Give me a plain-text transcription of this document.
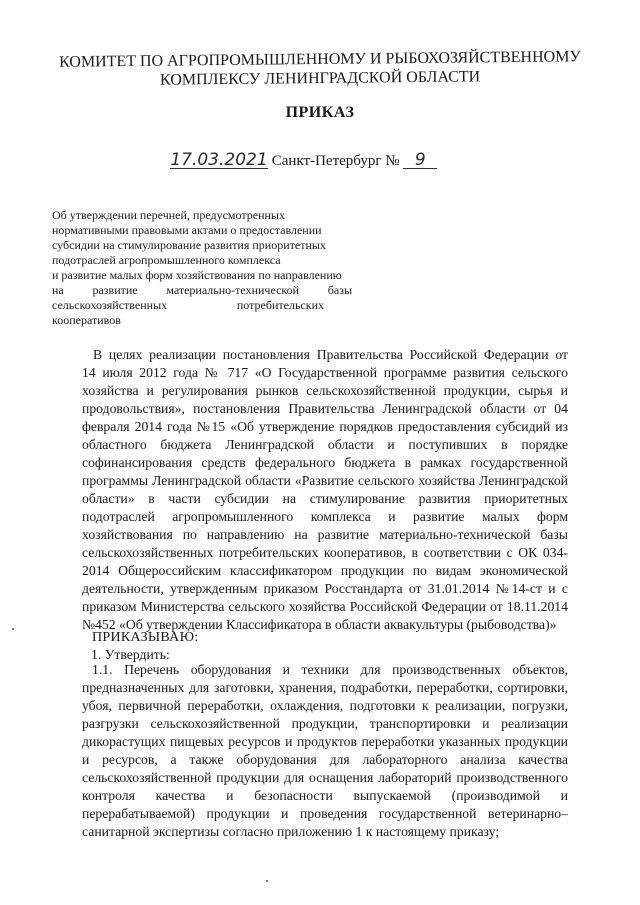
КОМИТЕТ ПО АГРОПРОМЫШЛЕННОМУ И РЫБОХОЗЯЙСТВЕННОМУ
КОМПЛЕКСУ ЛЕНИНГРАДСКОЙ ОБЛАСТИ
ПРИКАЗ
17.03.2021 Санкт-Петербург № 9
Об утверждении перечней, предусмотренных
нормативными правовыми актами о предоставлении
субсидии на стимулирование развития приоритетных
подотраслей агропромышленного комплекса
и развитие малых форм хозяйствования по направлению
на развитие материально-технической базы
сельскохозяйственных потребительских
кооперативов
В целях реализации постановления Правительства Российской Федерации от
14 июля 2012 года № 717 «О Государственной программе развития сельского
хозяйства и регулирования рынков сельскохозяйственной продукции, сырья и
продовольствия», постановления Правительства Ленинградской области от 04
февраля 2014 года №15 «Об утверждение порядков предоставления субсидий из
областного бюджета Ленинградской области и поступивших в порядке
софинансирования средств федерального бюджета в рамках государственной
программы Ленинградской области «Развитие сельского хозяйства Ленинградской
области» в части субсидии на стимулирование развития приоритетных
подотраслей агропромышленного комплекса и развитие малых форм
хозяйствования по направлению на развитие материально-технической базы
сельскохозяйственных потребительских кооперативов, в соответствии с ОК 034-
2014 Общероссийским классификатором продукции по видам экономической
деятельности, утвержденным приказом Росстандарта от 31.01.2014 №14-ст и с
приказом Министерства сельского хозяйства Российской Федерации от 18.11.2014
№452 «Об утверждении Классификатора в области аквакультуры (рыбоводства)»
ПРИКАЗЫВАЮ:
1. Утвердить:
1.1. Перечень оборудования и техники для производственных объектов,
предназначенных для заготовки, хранения, подработки, переработки, сортировки,
убоя, первичной переработки, охлаждения, подготовки к реализации, погрузки,
разгрузки сельскохозяйственной продукции, транспортировки и реализации
дикорастущих пищевых ресурсов и продуктов переработки указанных продукции
и ресурсов, а также оборудования для лабораторного анализа качества
сельскохозяйственной продукции для оснащения лабораторий производственного
контроля качества и безопасности выпускаемой (производимой и
перерабатываемой) продукции и проведения государственной ветеринарно–
санитарной экспертизы согласно приложению 1 к настоящему приказу;
